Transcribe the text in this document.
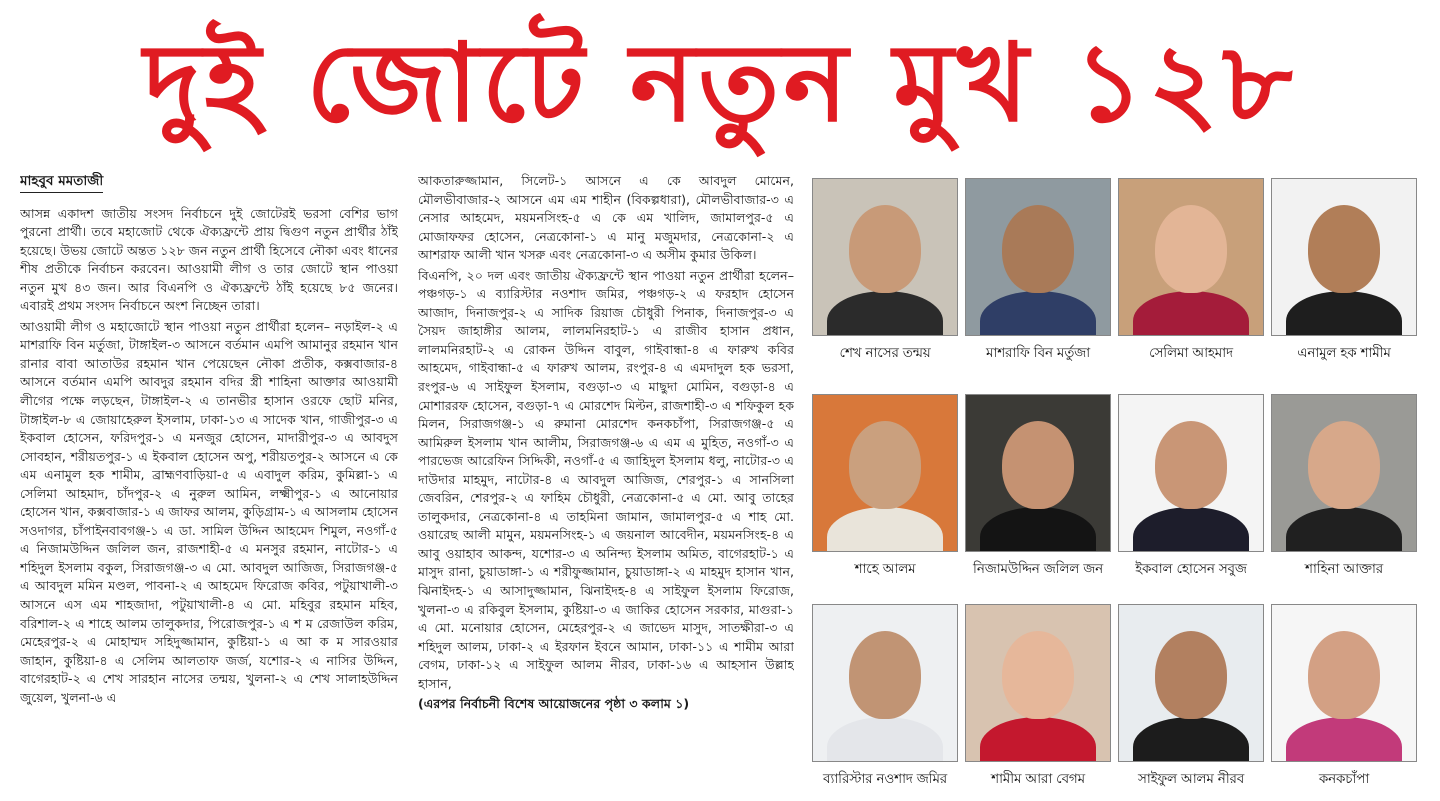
দুই জোটে নতুন মুখ ১২৮
মাহবুব মমতাজী

আসন্ন একাদশ জাতীয় সংসদ নির্বাচনে দুই জোটেরই ভরসা বেশির ভাগ পুরনো প্রার্থী। তবে মহাজোট থেকে ঐক্যফ্রন্টে প্রায় দ্বিগুণ নতুন প্রার্থীর ঠাঁই হয়েছে। উভয় জোটে অন্তত ১২৮ জন নতুন প্রার্থী হিসেবে নৌকা এবং ধানের শীষ প্রতীকে নির্বাচন করবেন। আওয়ামী লীগ ও তার জোটে স্থান পাওয়া নতুন মুখ ৪৩ জন। আর বিএনপি ও ঐক্যফ্রন্টে ঠাঁই হয়েছে ৮৫ জনের। এবারই প্রথম সংসদ নির্বাচনে অংশ নিচ্ছেন তারা।

আওয়ামী লীগ ও মহাজোটে স্থান পাওয়া নতুন প্রার্থীরা হলেন– নড়াইল-২ এ মাশরাফি বিন মর্তুজা, টাঙ্গাইল-৩ আসনে বর্তমান এমপি আমানুর রহমান খান রানার বাবা আতাউর রহমান খান পেয়েছেন নৌকা প্রতীক, কক্সবাজার-৪ আসনে বর্তমান এমপি আবদুর রহমান বদির স্ত্রী শাহিনা আক্তার আওয়ামী লীগের পক্ষে লড়ছেন, টাঙ্গাইল-২ এ তানভীর হাসান ওরফে ছোট মনির, টাঙ্গাইল-৮ এ জোয়াহেরুল ইসলাম, ঢাকা-১৩ এ সাদেক খান, গাজীপুর-৩ এ ইকবাল হোসেন, ফরিদপুর-১ এ মনজুর হোসেন, মাদারীপুর-৩ এ আবদুস সোবহান, শরীয়তপুর-১ এ ইকবাল হোসেন অপু, শরীয়তপুর-২ আসনে এ কে এম এনামুল হক শামীম, ব্রাহ্মণবাড়িয়া-৫ এ এবাদুল করিম, কুমিল্লা-১ এ সেলিমা আহমাদ, চাঁদপুর-২ এ নুরুল আমিন, লক্ষ্মীপুর-১ এ আনোয়ার হোসেন খান, কক্সবাজার-১ এ জাফর আলম, কুড়িগ্রাম-১ এ আসলাম হোসেন সওদাগর, চাঁপাইনবাবগঞ্জ-১ এ ডা. সামিল উদ্দিন আহমেদ শিমুল, নওগাঁ-৫ এ নিজামউদ্দিন জলিল জন, রাজশাহী-৫ এ মনসুর রহমান, নাটোর-১ এ শহিদুল ইসলাম বকুল, সিরাজগঞ্জ-৩ এ মো. আবদুল আজিজ, সিরাজগঞ্জ-৫ এ আবদুল মমিন মণ্ডল, পাবনা-২ এ আহমেদ ফিরোজ কবির, পটুয়াখালী-৩ আসনে এস এম শাহজাদা, পটুয়াখালী-৪ এ মো. মহিবুর রহমান মহিব, বরিশাল-২ এ শাহে আলম তালুকদার, পিরোজপুর-১ এ শ ম রেজাউল করিম, মেহেরপুর-২ এ মোহাম্মদ সহিদুজ্জামান, কুষ্টিয়া-১ এ আ ক ম সারওয়ার জাহান, কুষ্টিয়া-৪ এ সেলিম আলতাফ জর্জ, যশোর-২ এ নাসির উদ্দিন, বাগেরহাট-২ এ শেখ সারহান নাসের তন্ময়, খুলনা-২ এ শেখ সালাহউদ্দিন জুয়েল, খুলনা-৬ এ

আকতারুজ্জামান, সিলেট-১ আসনে এ কে আবদুল মোমেন, মৌলভীবাজার-২ আসনে এম এম শাহীন (বিকল্পধারা), মৌলভীবাজার-৩ এ নেসার আহমেদ, ময়মনসিংহ-৫ এ কে এম খালিদ, জামালপুর-৫ এ মোজাফফর হোসেন, নেত্রকোনা-১ এ মানু মজুমদার, নেত্রকোনা-২ এ আশরাফ আলী খান খসরু এবং নেত্রকোনা-৩ এ অসীম কুমার উকিল।

বিএনপি, ২০ দল এবং জাতীয় ঐক্যফ্রন্টে স্থান পাওয়া নতুন প্রার্থীরা হলেন– পঞ্চগড়-১ এ ব্যারিস্টার নওশাদ জমির, পঞ্চগড়-২ এ ফরহাদ হোসেন আজাদ, দিনাজপুর-২ এ সাদিক রিয়াজ চৌধুরী পিনাক, দিনাজপুর-৩ এ সৈয়দ জাহাঙ্গীর আলম, লালমনিরহাট-১ এ রাজীব হাসান প্রধান, লালমনিরহাট-২ এ রোকন উদ্দিন বাবুল, গাইবান্ধা-৪ এ ফারুখ কবির আহমেদ, গাইবান্ধা-৫ এ ফারুখ আলম, রংপুর-৪ এ এমদাদুল হক ভরসা, রংপুর-৬ এ সাইফুল ইসলাম, বগুড়া-৩ এ মাছুদা মোমিন, বগুড়া-৪ এ মোশাররফ হোসেন, বগুড়া-৭ এ মোরশেদ মিল্টন, রাজশাহী-৩ এ শফিকুল হক মিলন, সিরাজগঞ্জ-১ এ রুমানা মোরশেদ কনকচাঁপা, সিরাজগঞ্জ-৫ এ আমিরুল ইসলাম খান আলীম, সিরাজগঞ্জ-৬ এ এম এ মুহিত, নওগাঁ-৩ এ পারভেজ আরেফিন সিদ্দিকী, নওগাঁ-৫ এ জাহিদুল ইসলাম ধলু, নাটোর-৩ এ দাউদার মাহমুদ, নাটোর-৪ এ আবদুল আজিজ, শেরপুর-১ এ সানসিলা জেবরিন, শেরপুর-২ এ ফাহিম চৌধুরী, নেত্রকোনা-৫ এ মো. আবু তাহের তালুকদার, নেত্রকোনা-৪ এ তাহমিনা জামান, জামালপুর-৫ এ শাহ মো. ওয়ারেছ আলী মামুন, ময়মনসিংহ-১ এ জয়নাল আবেদীন, ময়মনসিংহ-৪ এ আবু ওয়াহাব আকন্দ, যশোর-৩ এ অনিন্দ্য ইসলাম অমিত, বাগেরহাট-১ এ মাসুদ রানা, চুয়াডাঙ্গা-১ এ শরীফুজ্জামান, চুয়াডাঙ্গা-২ এ মাহমুদ হাসান খান, ঝিনাইদহ-১ এ আসাদুজ্জামান, ঝিনাইদহ-৪ এ সাইফুল ইসলাম ফিরোজ, খুলনা-৩ এ রকিবুল ইসলাম, কুষ্টিয়া-৩ এ জাকির হোসেন সরকার, মাগুরা-১ এ মো. মনোয়ার হোসেন, মেহেরপুর-২ এ জাভেদ মাসুদ, সাতক্ষীরা-৩ এ শহিদুল আলম, ঢাকা-২ এ ইরফান ইবনে আমান, ঢাকা-১১ এ শামীম আরা বেগম, ঢাকা-১২ এ সাইফুল আলম নীরব, ঢাকা-১৬ এ আহসান উল্লাহ হাসান,

(এরপর নির্বাচনী বিশেষ আয়োজনের পৃষ্ঠা ৩ কলাম ১)
শেখ নাসের তন্ময়	মাশরাফি বিন মর্তুজা	সেলিমা আহমাদ	এনামুল হক শামীম
শাহে আলম	নিজামউদ্দিন জলিল জন	ইকবাল হোসেন সবুজ	শাহিনা আক্তার
ব্যারিস্টার নওশাদ জমির	শামীম আরা বেগম	সাইফুল আলম নীরব	কনকচাঁপা
